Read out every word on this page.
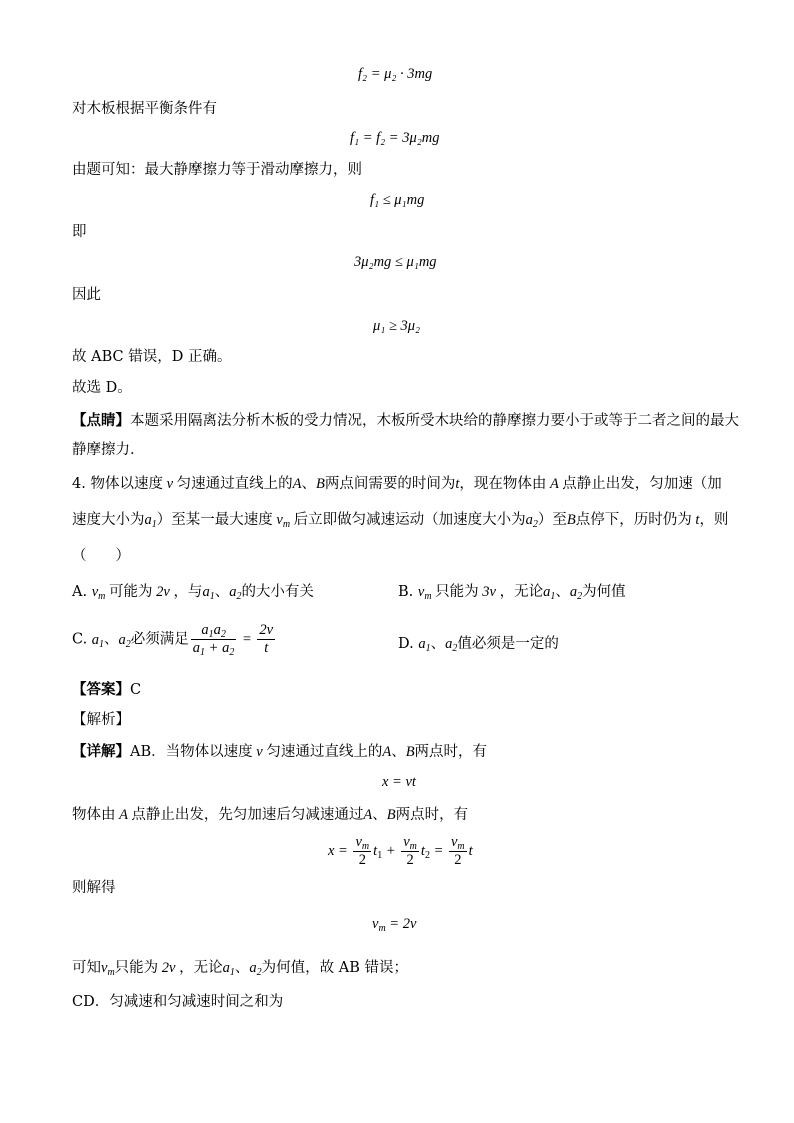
f₂ = μ₂ · 3mg
对木板根据平衡条件有
f₁ = f₂ = 3μ₂mg
由题可知：最大静摩擦力等于滑动摩擦力，则
f₁ ≤ μ₁mg
即
3μ₂mg ≤ μ₁mg
因此
μ₁ ≥ 3μ₂
故 ABC 错误，D 正确。
故选 D。
【点睛】本题采用隔离法分析木板的受力情况，木板所受木块给的静摩擦力要小于或等于二者之间的最大
静摩擦力．
4. 物体以速度 v 匀速通过直线上的A、B两点间需要的时间为t，现在物体由 A 点静止出发，匀加速（加
速度大小为$a_1$）至某一最大速度 $v_m$ 后立即做匀减速运动（加速度大小为$a_2$）至B点停下，历时仍为 t，则
（　　）
A. $v_m$ 可能为 2v ，与$a_1$、$a_2$的大小有关	B. $v_m$ 只能为 3v ，无论$a_1$、$a_2$为何值
C. $a_1$、$a_2$必须满足 $\frac{a_1a_2}{a_1 + a_2} = \frac{2v}{t}$	D. $a_1$、$a_2$值必须是一定的
【答案】C
【解析】
【详解】AB．当物体以速度 v 匀速通过直线上的A、B两点时，有
x = vt
物体由 A 点静止出发，先匀加速后匀减速通过A、B两点时，有
$x = \frac{v_m}{2} t_1 + \frac{v_m}{2} t_2 = \frac{v_m}{2}$ t
则解得
$v_m = 2v$
可知$v_m$只能为 2v ，无论$a_1$、$a_2$为何值，故 AB 错误；
CD．匀减速和匀减速时间之和为
